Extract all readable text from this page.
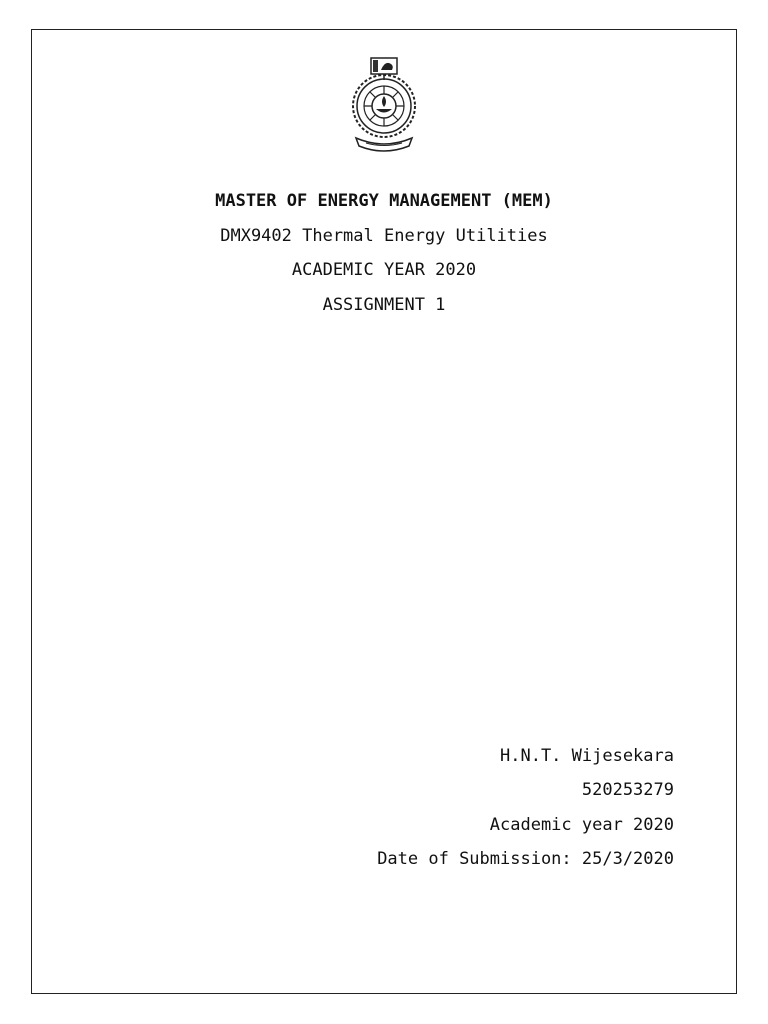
MASTER OF ENERGY MANAGEMENT (MEM)
DMX9402 Thermal Energy Utilities
ACADEMIC YEAR 2020
ASSIGNMENT 1
H.N.T. Wijesekara
520253279
Academic year 2020
Date of Submission: 25/3/2020
